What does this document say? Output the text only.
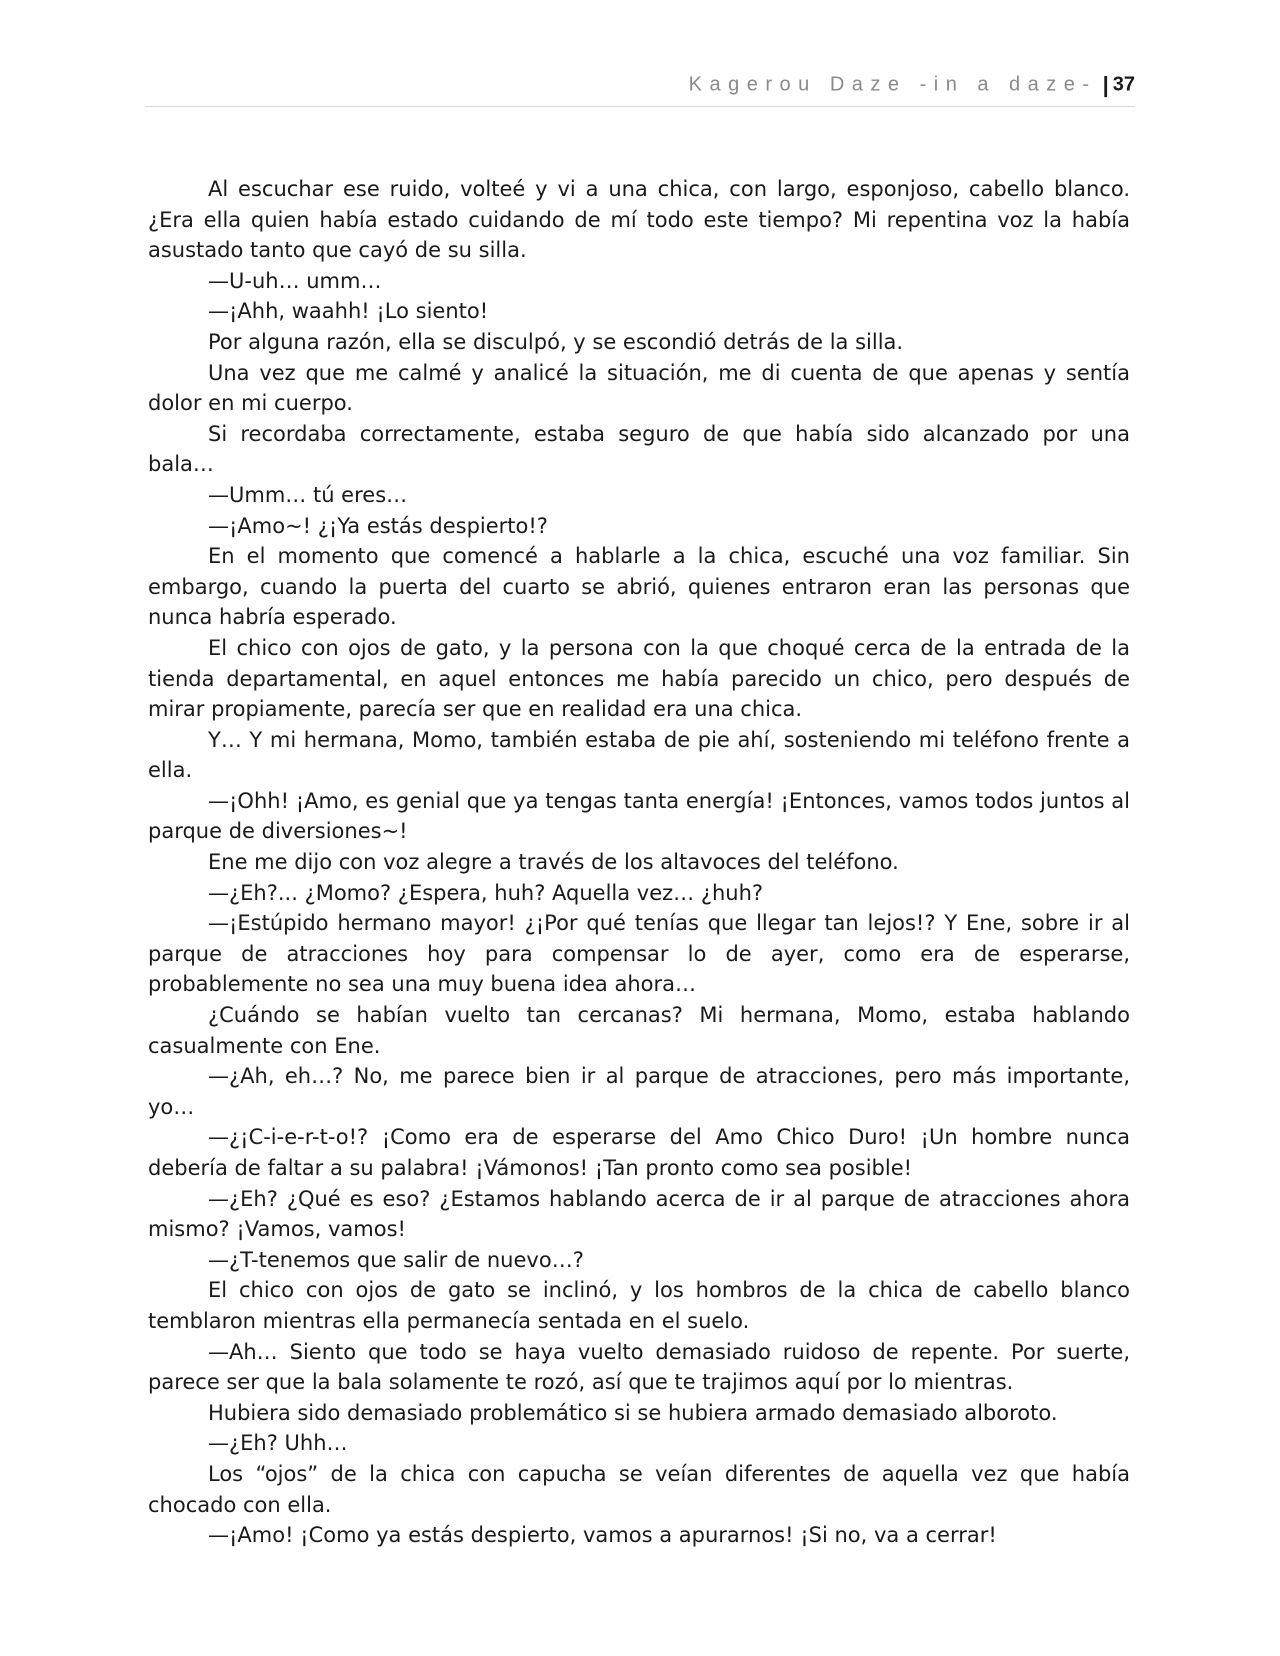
Kagerou Daze -in a daze- | 37

Al escuchar ese ruido, volteé y vi a una chica, con largo, esponjoso, cabello blanco. ¿Era ella quien había estado cuidando de mí todo este tiempo? Mi repentina voz la había asustado tanto que cayó de su silla.

—U-uh… umm…

—¡Ahh, waahh! ¡Lo siento!

Por alguna razón, ella se disculpó, y se escondió detrás de la silla.

Una vez que me calmé y analicé la situación, me di cuenta de que apenas y sentía dolor en mi cuerpo.

Si recordaba correctamente, estaba seguro de que había sido alcanzado por una bala…

—Umm… tú eres…

—¡Amo~! ¿¡Ya estás despierto!?

En el momento que comencé a hablarle a la chica, escuché una voz familiar. Sin embargo, cuando la puerta del cuarto se abrió, quienes entraron eran las personas que nunca habría esperado.

El chico con ojos de gato, y la persona con la que choqué cerca de la entrada de la tienda departamental, en aquel entonces me había parecido un chico, pero después de mirar propiamente, parecía ser que en realidad era una chica.

Y… Y mi hermana, Momo, también estaba de pie ahí, sosteniendo mi teléfono frente a ella.

—¡Ohh! ¡Amo, es genial que ya tengas tanta energía! ¡Entonces, vamos todos juntos al parque de diversiones~!

Ene me dijo con voz alegre a través de los altavoces del teléfono.

—¿Eh?... ¿Momo? ¿Espera, huh? Aquella vez… ¿huh?

—¡Estúpido hermano mayor! ¿¡Por qué tenías que llegar tan lejos!? Y Ene, sobre ir al parque de atracciones hoy para compensar lo de ayer, como era de esperarse, probablemente no sea una muy buena idea ahora…

¿Cuándo se habían vuelto tan cercanas? Mi hermana, Momo, estaba hablando casualmente con Ene.

—¿Ah, eh…? No, me parece bien ir al parque de atracciones, pero más importante, yo…

—¿¡C-i-e-r-t-o!? ¡Como era de esperarse del Amo Chico Duro! ¡Un hombre nunca debería de faltar a su palabra! ¡Vámonos! ¡Tan pronto como sea posible!

—¿Eh? ¿Qué es eso? ¿Estamos hablando acerca de ir al parque de atracciones ahora mismo? ¡Vamos, vamos!

—¿T-tenemos que salir de nuevo…?

El chico con ojos de gato se inclinó, y los hombros de la chica de cabello blanco temblaron mientras ella permanecía sentada en el suelo.

—Ah… Siento que todo se haya vuelto demasiado ruidoso de repente. Por suerte, parece ser que la bala solamente te rozó, así que te trajimos aquí por lo mientras.

Hubiera sido demasiado problemático si se hubiera armado demasiado alboroto.

—¿Eh? Uhh…

Los “ojos” de la chica con capucha se veían diferentes de aquella vez que había chocado con ella.

—¡Amo! ¡Como ya estás despierto, vamos a apurarnos! ¡Si no, va a cerrar!
